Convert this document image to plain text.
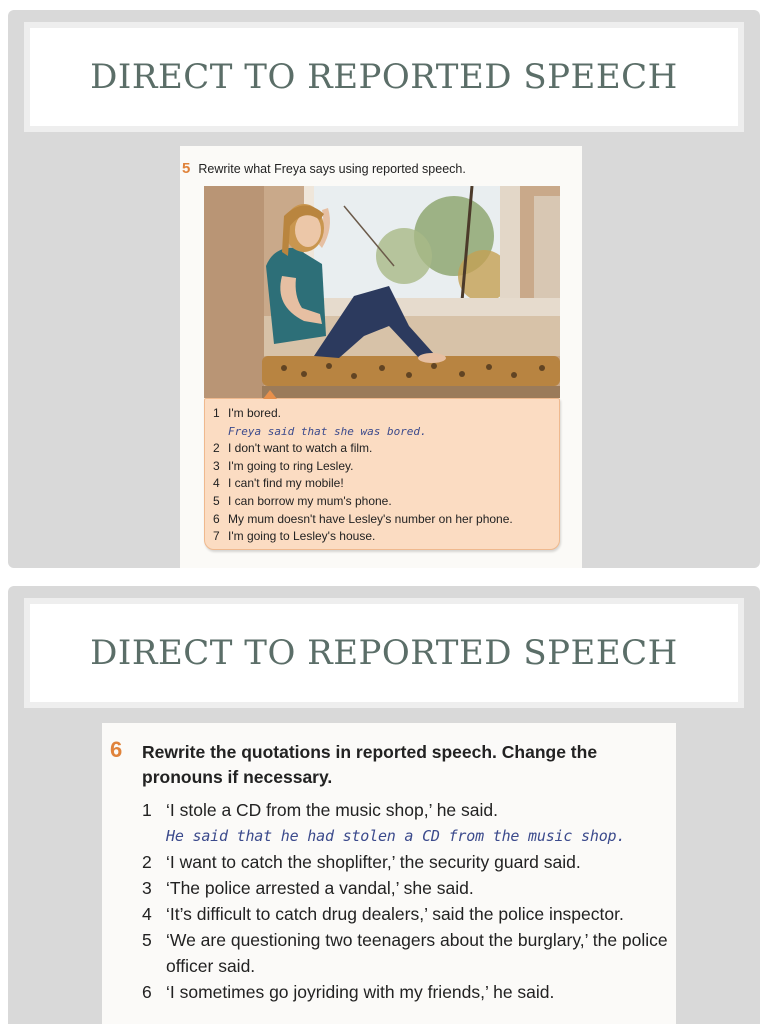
DIRECT TO REPORTED SPEECH
5 Rewrite what Freya says using reported speech.
1 I'm bored.
Freya said that she was bored.
2 I don't want to watch a film.
3 I'm going to ring Lesley.
4 I can't find my mobile!
5 I can borrow my mum's phone.
6 My mum doesn't have Lesley's number on her phone.
7 I'm going to Lesley's house.
DIRECT TO REPORTED SPEECH
6 Rewrite the quotations in reported speech. Change the pronouns if necessary.
1 ‘I stole a CD from the music shop,’ he said.
He said that he had stolen a CD from the music shop.
2 ‘I want to catch the shoplifter,’ the security guard said.
3 ‘The police arrested a vandal,’ she said.
4 ‘It’s difficult to catch drug dealers,’ said the police inspector.
5 ‘We are questioning two teenagers about the burglary,’ the police officer said.
6 ‘I sometimes go joyriding with my friends,’ he said.
